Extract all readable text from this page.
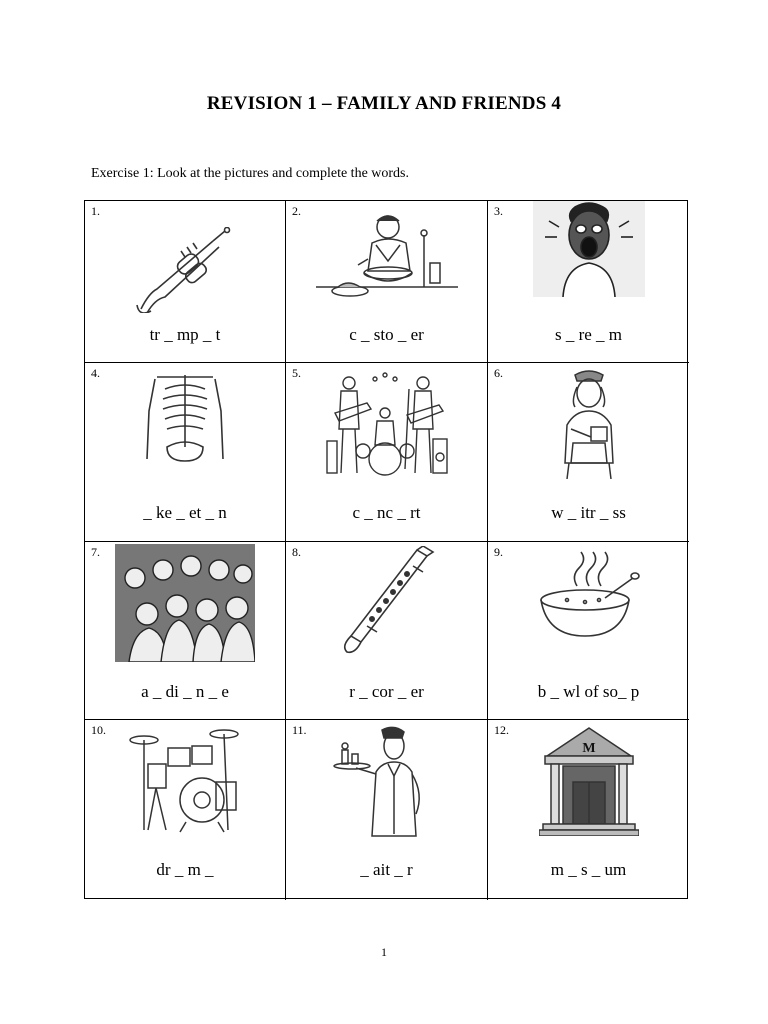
REVISION 1 – FAMILY AND FRIENDS 4
Exercise 1: Look at the pictures and complete the words.
1.
tr _ mp _ t
2.
c _ sto _ er
3.
s _ re _ m
4.
_ ke _ et _ n
5.
c _ nc _ rt
6.
w _ itr _ ss
7.
a _ di _ n _ e
8.
r _ cor _ er
9.
b _ wl of so_ p
10.
dr _ m _
11.
_ ait _ r
12.
M
m _ s _ um
1
